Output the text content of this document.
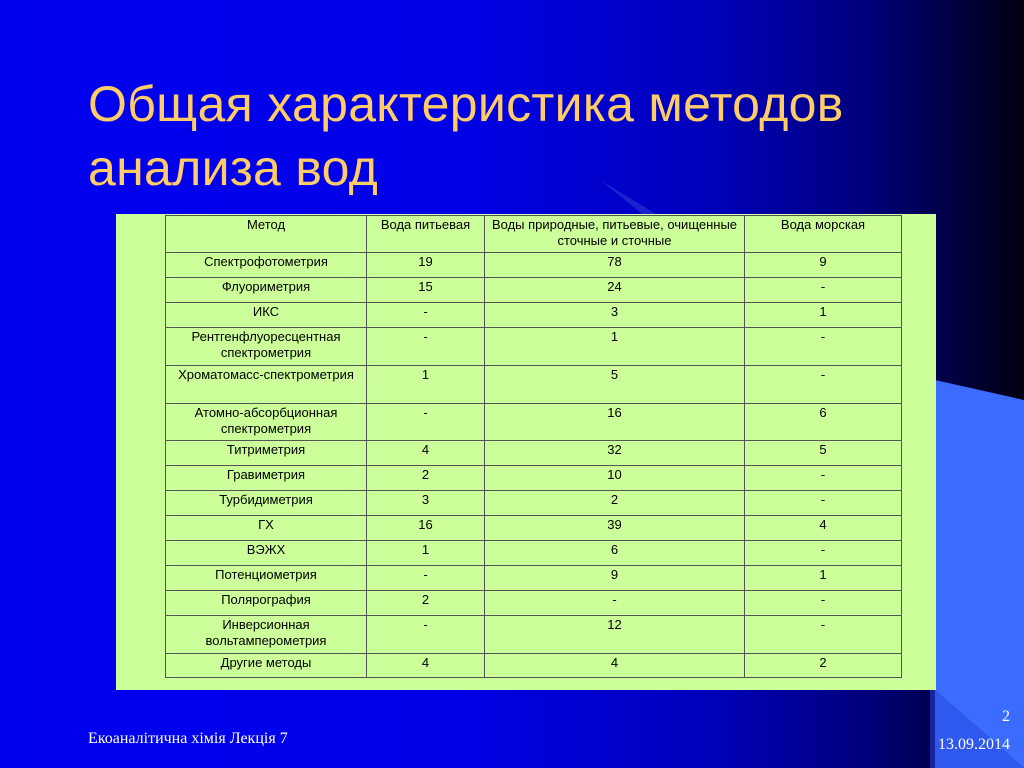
Общая характеристика методов
анализа вод
Метод	Вода питьевая	Воды природные, питьевые, очищенные сточные и сточные	Вода морская
Спектрофотометрия	19	78	9
Флуориметрия	15	24	-
ИКС	-	3	1
Рентгенфлуоресцентная спектрометрия	-	1	-
Хроматомасс-спектрометрия	1	5	-
Атомно-абсорбционная спектрометрия	-	16	6
Титриметрия	4	32	5
Гравиметрия	2	10	-
Турбидиметрия	3	2	-
ГХ	16	39	4
ВЭЖХ	1	6	-
Потенциометрия	-	9	1
Полярография	2	-	-
Инверсионная вольтамперометрия	-	12	-
Другие методы	4	4	2
Екоаналітична хімія Лекція 7
2
13.09.2014
